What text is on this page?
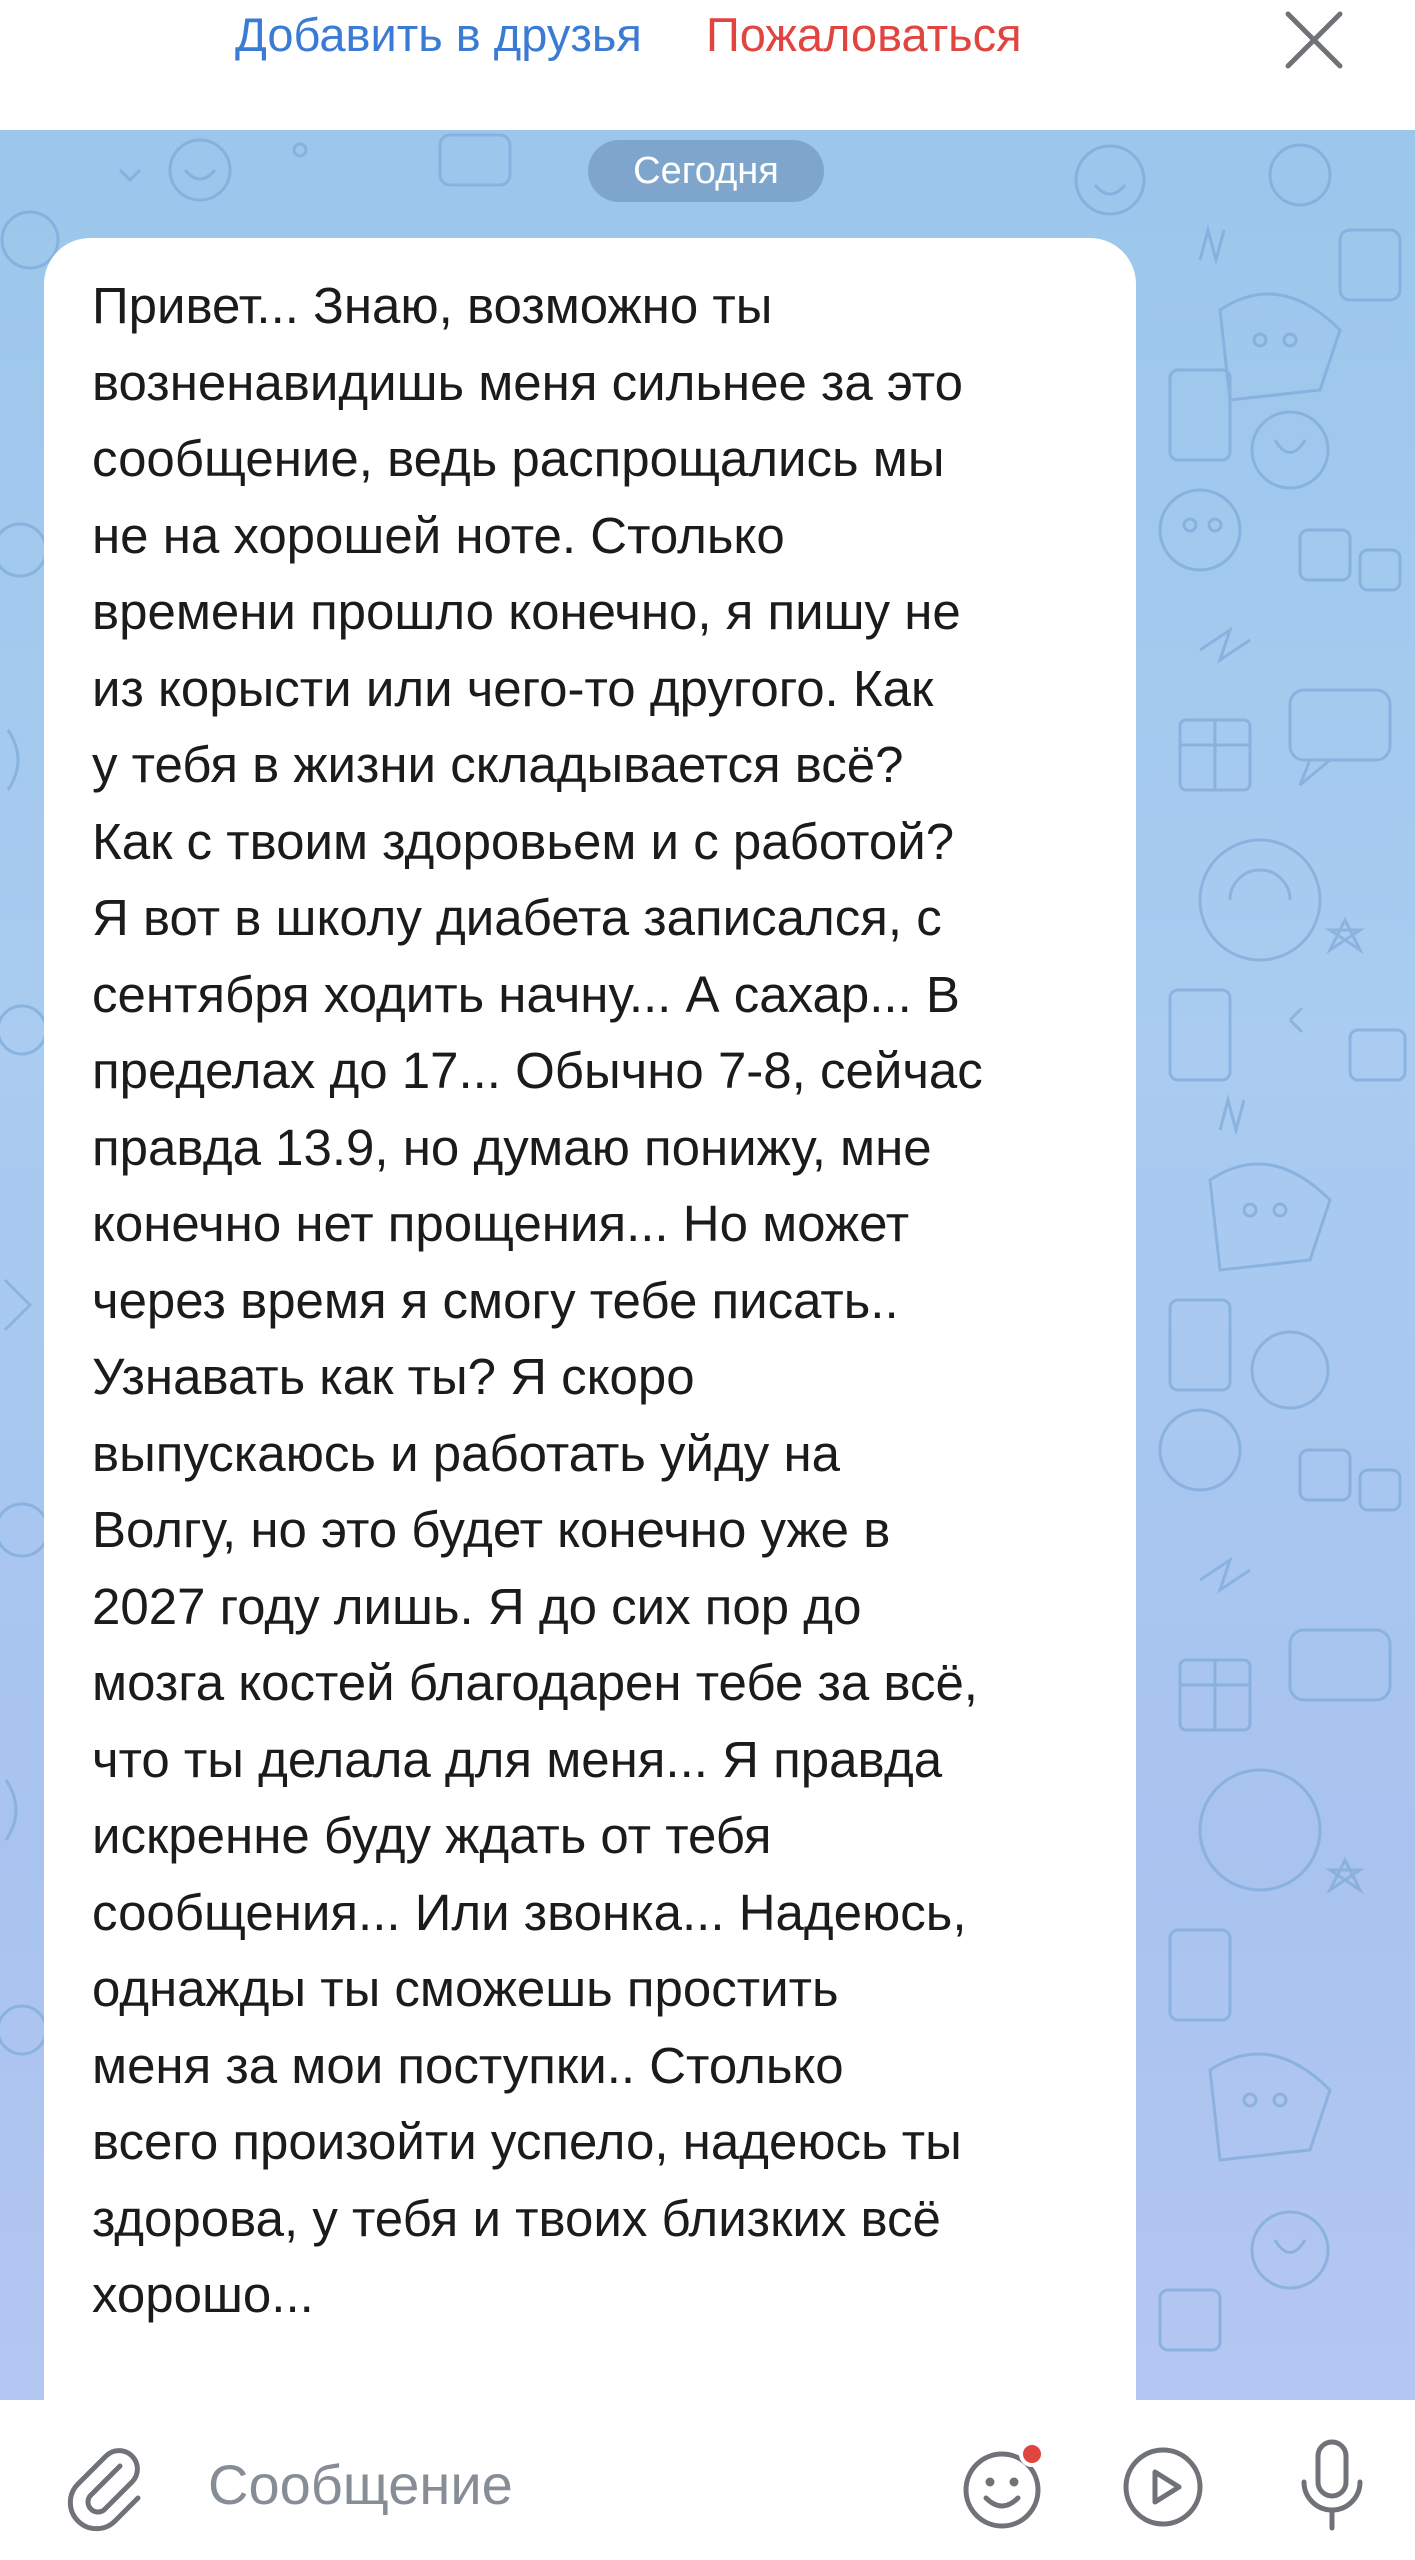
Добавить в друзья Пожаловаться
Сегодня

Привет... Знаю, возможно ты
возненавидишь меня сильнее за это
сообщение, ведь распрощались мы
не на хорошей ноте. Столько
времени прошло конечно, я пишу не
из корысти или чего-то другого. Как
у тебя в жизни складывается всё?
Как с твоим здоровьем и с работой?
Я вот в школу диабета записался, с
сентября ходить начну... А сахар... В
пределах до 17... Обычно 7-8, сейчас
правда 13.9, но думаю понижу, мне
конечно нет прощения... Но может
через время я смогу тебе писать..
Узнавать как ты? Я скоро
выпускаюсь и работать уйду на
Волгу, но это будет конечно уже в
2027 году лишь. Я до сих пор до
мозга костей благодарен тебе за всё,
что ты делала для меня... Я правда
искренне буду ждать от тебя
сообщения... Или звонка... Надеюсь,
однажды ты сможешь простить
меня за мои поступки.. Столько
всего произойти успело, надеюсь ты
здорова, у тебя и твоих близких всё
хорошо...

Сообщение
